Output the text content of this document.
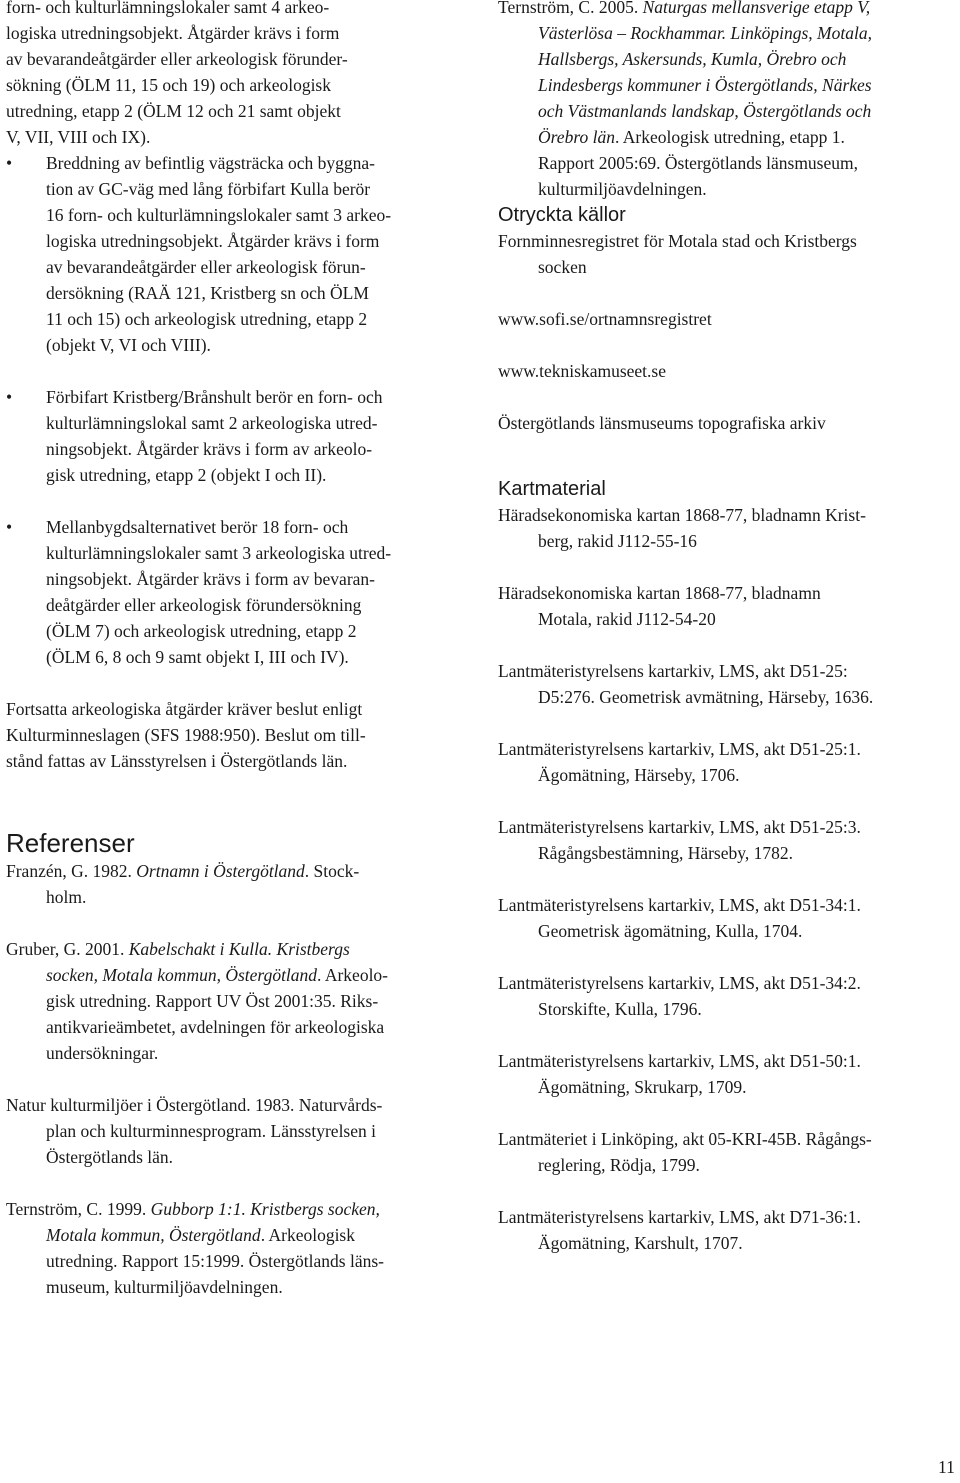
forn- och kulturlämningslokaler samt 4 arkeo-
logiska utredningsobjekt. Åtgärder krävs i form
av bevarandeåtgärder eller arkeologisk förunder-
sökning (ÖLM 11, 15 och 19) och arkeologisk
utredning, etapp 2 (ÖLM 12 och 21 samt objekt
V, VII, VIII och IX).

• Breddning av befintlig vägsträcka och byggna-
tion av GC-väg med lång förbifart Kulla berör
16 forn- och kulturlämningslokaler samt 3 arkeo-
logiska utredningsobjekt. Åtgärder krävs i form
av bevarandeåtgärder eller arkeologisk förun-
dersökning (RAÄ 121, Kristberg sn och ÖLM
11 och 15) och arkeologisk utredning, etapp 2
(objekt V, VI och VIII).
• Förbifart Kristberg/Brånshult berör en forn- och
kulturlämningslokal samt 2 arkeologiska utred-
ningsobjekt. Åtgärder krävs i form av arkeolo-
gisk utredning, etapp 2 (objekt I och II).
• Mellanbygdsalternativet berör 18 forn- och
kulturlämningslokaler samt 3 arkeologiska utred-
ningsobjekt. Åtgärder krävs i form av bevaran-
deåtgärder eller arkeologisk förundersökning
(ÖLM 7) och arkeologisk utredning, etapp 2
(ÖLM 6, 8 och 9 samt objekt I, III och IV).

Fortsatta arkeologiska åtgärder kräver beslut enligt
Kulturminneslagen (SFS 1988:950). Beslut om till-
stånd fattas av Länsstyrelsen i Östergötlands län.

Referenser

Franzén, G. 1982. Ortnamn i Östergötland. Stock-
holm.

Gruber, G. 2001. Kabelschakt i Kulla. Kristbergs
socken, Motala kommun, Östergötland. Arkeolo-
gisk utredning. Rapport UV Öst 2001:35. Riks-
antikvarieämbetet, avdelningen för arkeologiska
undersökningar.

Natur kulturmiljöer i Östergötland. 1983. Naturvårds-
plan och kulturminnesprogram. Länsstyrelsen i
Östergötlands län.

Ternström, C. 1999. Gubborp 1:1. Kristbergs socken,
Motala kommun, Östergötland. Arkeologisk
utredning. Rapport 15:1999. Östergötlands läns-
museum, kulturmiljöavdelningen.

Ternström, C. 2005. Naturgas mellansverige etapp V,
Västerlösa – Rockhammar. Linköpings, Motala,
Hallsbergs, Askersunds, Kumla, Örebro och
Lindesbergs kommuner i Östergötlands, Närkes
och Västmanlands landskap, Östergötlands och
Örebro län. Arkeologisk utredning, etapp 1.
Rapport 2005:69. Östergötlands länsmuseum,
kulturmiljöavdelningen.

Otryckta källor

Fornminnesregistret för Motala stad och Kristbergs
socken

www.sofi.se/ortnamnsregistret

www.tekniskamuseet.se

Östergötlands länsmuseums topografiska arkiv

Kartmaterial

Häradsekonomiska kartan 1868-77, bladnamn Krist-
berg, rakid J112-55-16

Häradsekonomiska kartan 1868-77, bladnamn
Motala, rakid J112-54-20

Lantmäteristyrelsens kartarkiv, LMS, akt D51-25:
D5:276. Geometrisk avmätning, Härseby, 1636.

Lantmäteristyrelsens kartarkiv, LMS, akt D51-25:1.
Ägomätning, Härseby, 1706.

Lantmäteristyrelsens kartarkiv, LMS, akt D51-25:3.
Rågångsbestämning, Härseby, 1782.

Lantmäteristyrelsens kartarkiv, LMS, akt D51-34:1.
Geometrisk ägomätning, Kulla, 1704.

Lantmäteristyrelsens kartarkiv, LMS, akt D51-34:2.
Storskifte, Kulla, 1796.

Lantmäteristyrelsens kartarkiv, LMS, akt D51-50:1.
Ägomätning, Skrukarp, 1709.

Lantmäteriet i Linköping, akt 05-KRI-45B. Rågångs-
reglering, Rödja, 1799.

Lantmäteristyrelsens kartarkiv, LMS, akt D71-36:1.
Ägomätning, Karshult, 1707.

11
